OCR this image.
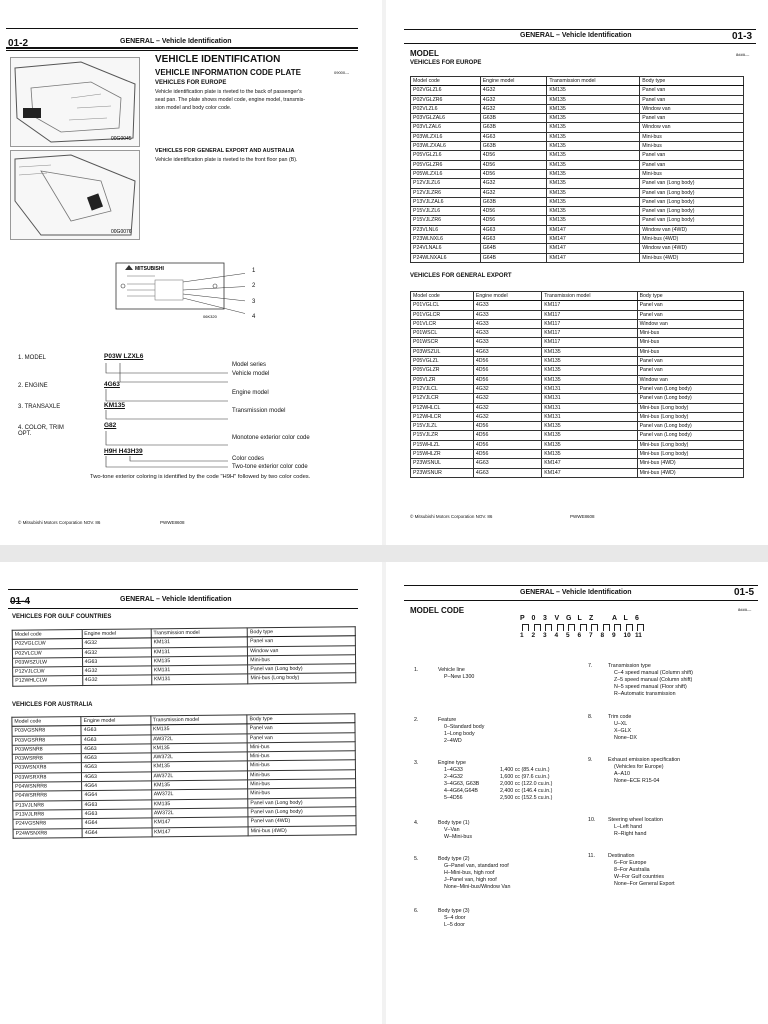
01-2	GENERAL – Vehicle Identification
00G0045
00G0076
VEHICLE IDENTIFICATION
VEHICLE INFORMATION CODE PLATE	09000---
VEHICLES FOR EUROPE
Vehicle identification plate is riveted to the back of passenger's
seat pan. The plate shows model code, engine model, transmis-
sion model and body color code.
VEHICLES FOR GENERAL EXPORT AND AUSTRALIA
Vehicle identification plate is riveted to the front floor pan (B).
MITSUBISHI
06K320
1
2
3
4
1. MODEL	P03W LZXL6
Model series
Vehicle model
2. ENGINE	4G63
Engine model
3. TRANSAXLE	KM135
Transmission model
4. COLOR, TRIM OPT.
G82
Monotone exterior color code
H9H H43H39
Color codes
Two-tone exterior color code
Two-tone exterior coloring is identified by the code "H9H" followed by two color codes.
© Mitsubishi Motors Corporation NOV. 86	PWWE8608
GENERAL – Vehicle Identification	01-3
MODEL	8##A---
VEHICLES FOR EUROPE
Model code	Engine model	Transmission model	Body type
P02VGLZL6	4G32	KM135	Panel van
P02VGLZR6	4G32	KM135	Panel van
P02VLZL6	4G32	KM135	Window van
P03VGLZAL6	G63B	KM135	Panel van
P03VLZAL6	G63B	KM135	Window van
P03WLZXL6	4G63	KM135	Mini-bus
P03WLZXAL6	G63B	KM135	Mini-bus
P05VGLZL6	4D56	KM135	Panel van
P05VGLZR6	4D56	KM135	Panel van
P05WLZXL6	4D56	KM135	Mini-bus
P12VJLZL6	4G32	KM135	Panel van (Long body)
P12VJLZR6	4G32	KM135	Panel van (Long body)
P13VJLZAL6	G63B	KM135	Panel van (Long body)
P15VJLZL6	4D56	KM135	Panel van (Long body)
P15VJLZR6	4D56	KM135	Panel van (Long body)
P23VLNL6	4G63	KM147	Window van (4WD)
P23WLNXL6	4G63	KM147	Mini-bus (4WD)
P24VLNAL6	G64B	KM147	Window van (4WD)
P24WLNXAL6	G64B	KM147	Mini-bus (4WD)
VEHICLES FOR GENERAL EXPORT
Model code	Engine model	Transmission model	Body type
P01VGLCL	4G33	KM117	Panel van
P01VGLCR	4G33	KM117	Panel van
P01VLCR	4G33	KM117	Window van
P01WSCL	4G33	KM117	Mini-bus
P01WSCR	4G33	KM117	Mini-bus
P03WSZUL	4G63	KM135	Mini-bus
P05VGLZL	4D56	KM135	Panel van
P05VGLZR	4D56	KM135	Panel van
P05VLZR	4D56	KM135	Window van
P12VJLCL	4G32	KM131	Panel van (Long body)
P12VJLCR	4G32	KM131	Panel van (Long body)
P12WHLCL	4G32	KM131	Mini-bus (Long body)
P12WHLCR	4G32	KM131	Mini-bus (Long body)
P15VJLZL	4D56	KM135	Panel van (Long body)
P15VJLZR	4D56	KM135	Panel van (Long body)
P15WHLZL	4D56	KM135	Mini-bus (Long body)
P15WHLZR	4D56	KM135	Mini-bus (Long body)
P23WSNUL	4G63	KM147	Mini-bus (4WD)
P23WSNUR	4G63	KM147	Mini-bus (4WD)
© Mitsubishi Motors Corporation NOV. 86	PWWE8608
01-4	GENERAL – Vehicle Identification
VEHICLES FOR GULF COUNTRIES
Model code	Engine model	Transmission model	Body type
P02VGLCLW	4G32	KM131	Panel van
P02VLCLW	4G32	KM131	Window van
P03WSZULW	4G63	KM135	Mini-bus
P12VJLCLW	4G32	KM131	Panel van (Long body)
P12WHLCLW	4G32	KM131	Mini-bus (Long body)
VEHICLES FOR AUSTRALIA
Model code	Engine model	Transmission model	Body type
P03VGSNR8	4G63	KM135	Panel van
P03VGSRR8	4G63	AW372L	Panel van
P03WSNR8	4G63	KM135	Mini-bus
P03WSRR8	4G63	AW372L	Mini-bus
P03WSNXR8	4G63	KM135	Mini-bus
P03WSRXR8	4G63	AW372L	Mini-bus
P04WSNRR8	4G64	KM135	Mini-bus
P04WSRRR8	4G64	AW372L	Mini-bus
P13VJLNR8	4G63	KM135	Panel van (Long body)
P13VJLRR8	4G63	AW372L	Panel van (Long body)
P24VGSNR8	4G64	KM147	Panel van (4WD)
P24WSNXR8	4G64	KM147	Mini-bus (4WD)
GENERAL – Vehicle Identification	01-5
MODEL CODE	8##A---
P
1
0
2
3
3
V
4
G
5
L
6
Z
7 8
A
9
L
10
6
11
1.	Vehicle line
P–New L300
2.	Feature
0–Standard body
1–Long body
2–4WD
3.	Engine type
1–4G33
2–4G32
3–4G63, G63B
4–4G64,G64B
5–4D56
1,400 cc (85.4 cu.in.)
1,600 cc (97.6 cu.in.)
2,000 cc (122.0 cu.in.)
2,400 cc (146.4 cu.in.)
2,500 cc (152.5 cu.in.)
4.	Body type (1)
V–Van
W–Mini-bus
5.	Body type (2)
G–Panel van, standard roof
H–Mini-bus, high roof
J–Panel van, high roof
None–Mini-bus/Window Van
6.	Body type (3)
S–4 door
L–5 door
7.	Transmission type
C–4 speed manual (Column shift)
Z–5 speed manual (Column shift)
N–5 speed manual (Floor shift)
R–Automatic transmission
8.	Trim code
U–XL
X–GLX
None–DX
9.	Exhaust emission specification
(Vehicles for Europe)
A–A10
None–ECE R15-04
10. Steering wheel location
L–Left hand
R–Right hand
11. Destination
6–For Europe
8–For Australia
W–For Gulf countries
None–For General Export
